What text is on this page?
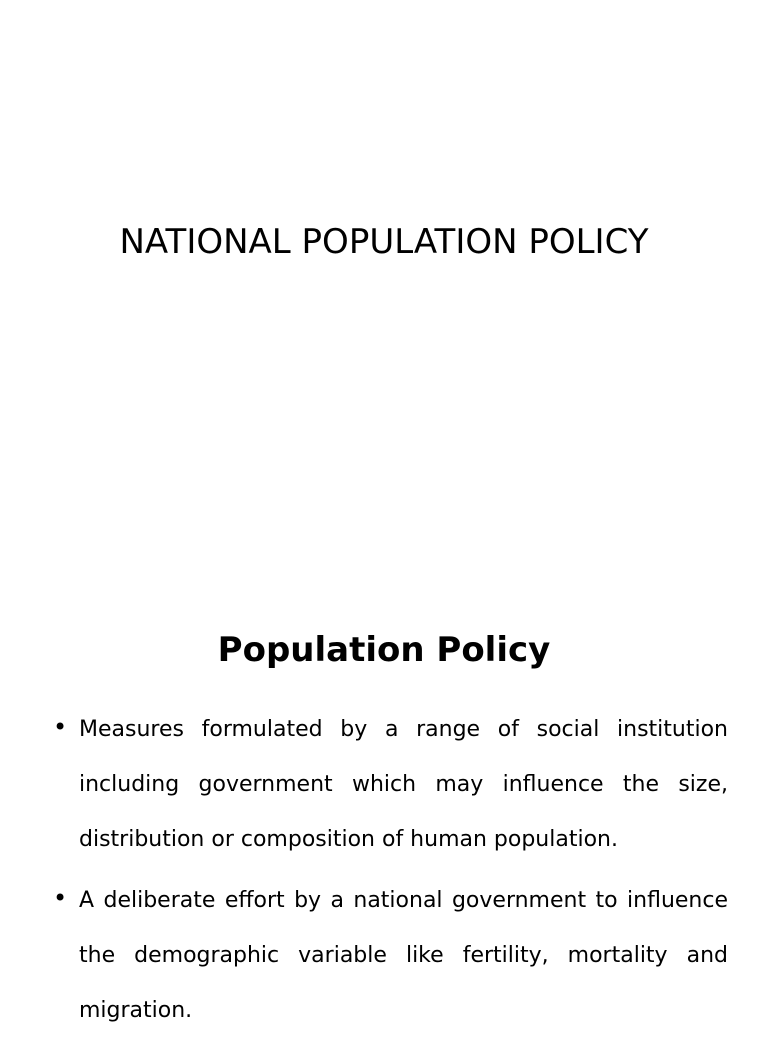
NATIONAL POPULATION POLICY
Population Policy
• Measures formulated by a range of social institution including government which may influence the size, distribution or composition of human population.
• A deliberate effort by a national government to influence the demographic variable like fertility, mortality and migration.
